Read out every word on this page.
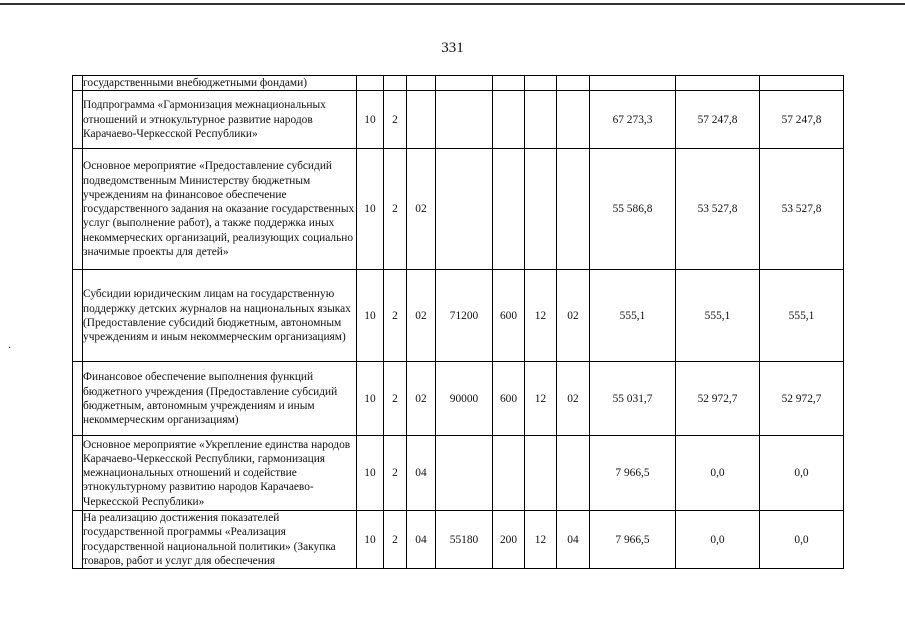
331
·
	государственными внебюджетными фондами)										
	Подпрограмма «Гармонизация межнациональных отношений и этнокультурное развитие народов Карачаево-Черкесской Республики»	10	2						67 273,3	57 247,8	57 247,8
	Основное мероприятие «Предоставление субсидий подведомственным Министерству бюджетным учреждениям на финансовое обеспечение государственного задания на оказание государственных услуг (выполнение работ), а также поддержка иных некоммерческих организаций, реализующих социально значимые проекты для детей»	10	2	02					55 586,8	53 527,8	53 527,8
	Субсидии юридическим лицам на государственную поддержку детских журналов на национальных языках (Предоставление субсидий бюджетным, автономным учреждениям и иным некоммерческим организациям)	10	2	02	71200	600	12	02	555,1	555,1	555,1
	Финансовое обеспечение выполнения функций бюджетного учреждения (Предоставление субсидий бюджетным, автономным учреждениям и иным некоммерческим организациям)	10	2	02	90000	600	12	02	55 031,7	52 972,7	52 972,7
	Основное мероприятие «Укрепление единства народов Карачаево-Черкесской Республики, гармонизация межнациональных отношений и содействие этнокультурному развитию народов Карачаево-Черкесской Республики»	10	2	04					7 966,5	0,0	0,0
	На реализацию достижения показателей государственной программы «Реализация государственной национальной политики» (Закупка товаров, работ и услуг для обеспечения	10	2	04	55180	200	12	04	7 966,5	0,0	0,0
